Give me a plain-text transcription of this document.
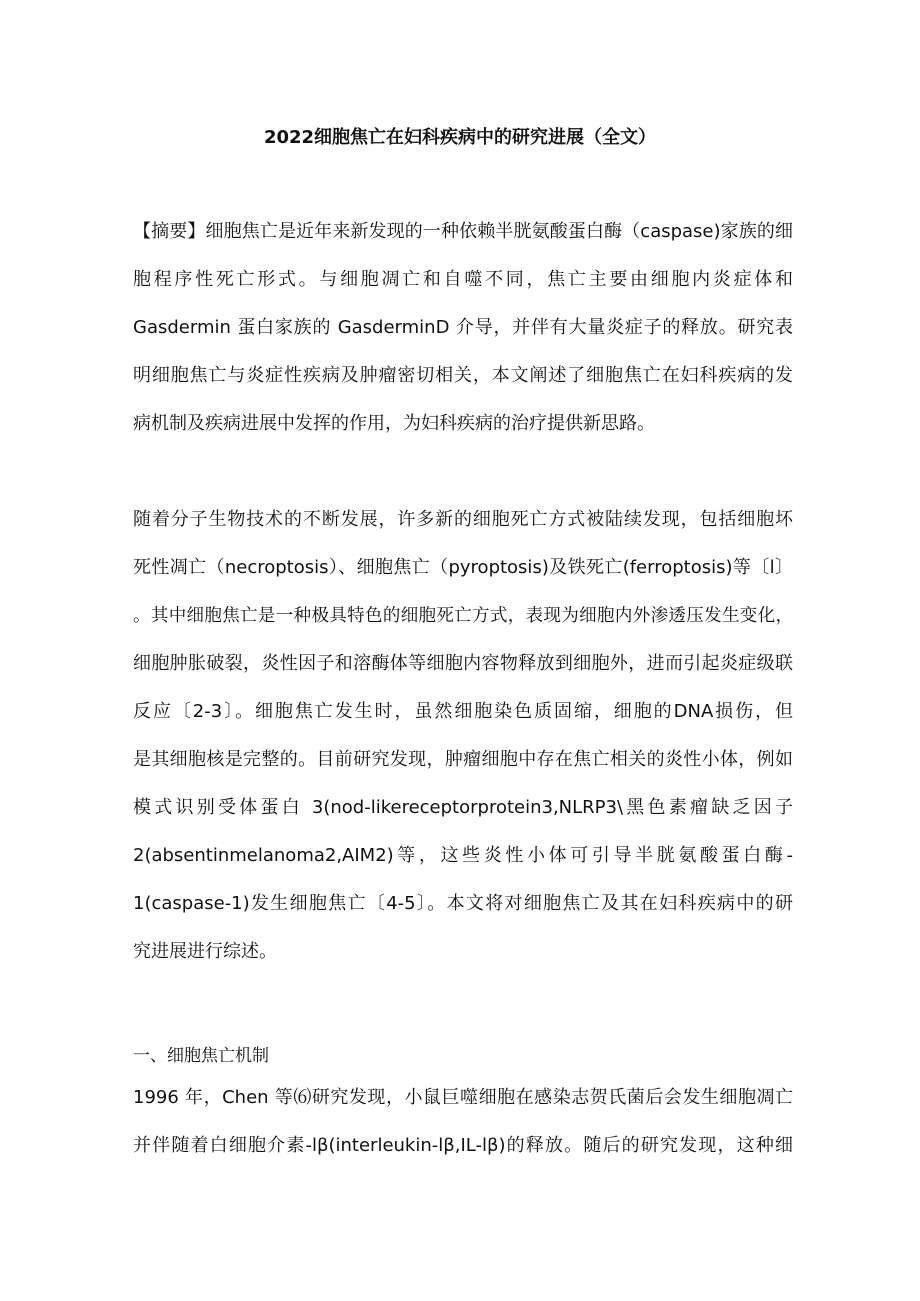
2022细胞焦亡在妇科疾病中的研究进展（全文）
【摘要】细胞焦亡是近年来新发现的一种依赖半胱氨酸蛋白酶（caspase)家族的细
胞程序性死亡形式。与细胞凋亡和自噬不同，焦亡主要由细胞内炎症体和
Gasdermin 蛋白家族的 GasderminD 介导，并伴有大量炎症子的释放。研究表
明细胞焦亡与炎症性疾病及肿瘤密切相关，本文阐述了细胞焦亡在妇科疾病的发
病机制及疾病进展中发挥的作用，为妇科疾病的治疗提供新思路。
随着分子生物技术的不断发展，许多新的细胞死亡方式被陆续发现，包括细胞坏
死性凋亡（necroptosis）、细胞焦亡（pyroptosis)及铁死亡(ferroptosis)等〔l〕
。其中细胞焦亡是一种极具特色的细胞死亡方式，表现为细胞内外渗透压发生变化，
细胞肿胀破裂，炎性因子和溶酶体等细胞内容物释放到细胞外，进而引起炎症级联
反应〔2-3〕。细胞焦亡发生时，虽然细胞染色质固缩，细胞的DNA损伤，但
是其细胞核是完整的。目前研究发现，肿瘤细胞中存在焦亡相关的炎性小体，例如
模式识别受体蛋白 3(nod-likereceptorprotein3,NLRP3\黑色素瘤缺乏因子
2(absentinmelanoma2,AIM2)等，这些炎性小体可引导半胱氨酸蛋白酶-
1(caspase-1)发生细胞焦亡〔4-5〕。本文将对细胞焦亡及其在妇科疾病中的研
究进展进行综述。
一、细胞焦亡机制
1996 年，Chen 等⑹研究发现，小鼠巨噬细胞在感染志贺氏菌后会发生细胞凋亡
并伴随着白细胞介素-lβ(interleukin-lβ,IL-lβ)的释放。随后的研究发现，这种细
